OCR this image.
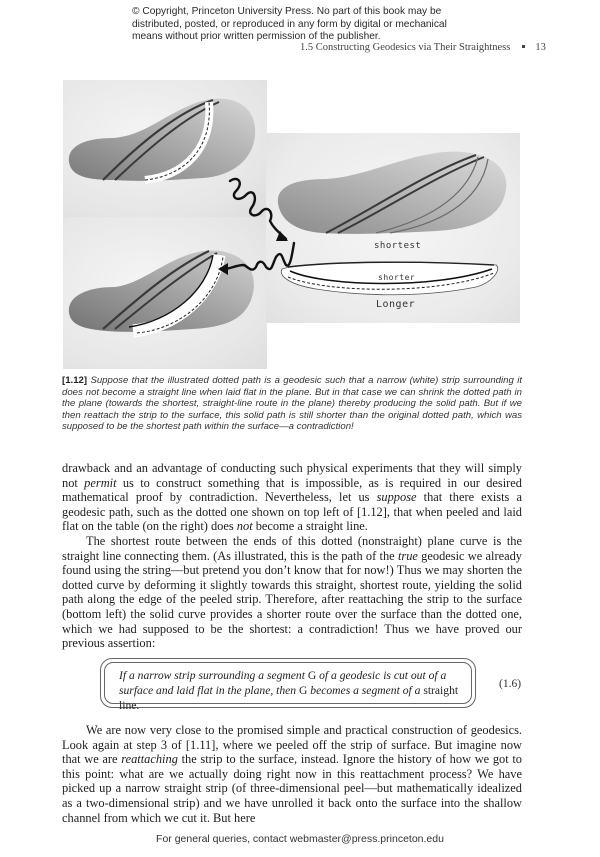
© Copyright, Princeton University Press. No part of this book may be
distributed, posted, or reproduced in any form by digital or mechanical
means without prior written permission of the publisher.
1.5 Constructing Geodesics via Their Straightness 13
shortest
shorter
Longer
[1.12] Suppose that the illustrated dotted path is a geodesic such that a narrow (white) strip surrounding it does not become a straight line when laid flat in the plane. But in that case we can shrink the dotted path in the plane (towards the shortest, straight-line route in the plane) thereby producing the solid path. But if we then reattach the strip to the surface, this solid path is still shorter than the original dotted path, which was supposed to be the shortest path within the surface—a contradiction!

drawback and an advantage of conducting such physical experiments that they will simply not permit us to construct something that is impossible, as is required in our desired mathematical proof by contradiction. Nevertheless, let us suppose that there exists a geodesic path, such as the dotted one shown on top left of [1.12], that when peeled and laid flat on the table (on the right) does not become a straight line.

The shortest route between the ends of this dotted (nonstraight) plane curve is the straight line connecting them. (As illustrated, this is the path of the true geodesic we already found using the string—but pretend you don’t know that for now!) Thus we may shorten the dotted curve by deforming it slightly towards this straight, shortest route, yielding the solid path along the edge of the peeled strip. Therefore, after reattaching the strip to the surface (bottom left) the solid curve provides a shorter route over the surface than the dotted one, which we had supposed to be the shortest: a contradiction! Thus we have proved our previous assertion:

If a narrow strip surrounding a segment G of a geodesic is cut out of a surface and laid flat in the plane, then G becomes a segment of a straight line.
(1.6)

We are now very close to the promised simple and practical construction of geodesics. Look again at step 3 of [1.11], where we peeled off the strip of surface. But imagine now that we are reattaching the strip to the surface, instead. Ignore the history of how we got to this point: what are we actually doing right now in this reattachment process? We have picked up a narrow straight strip (of three-dimensional peel—but mathematically idealized as a two-dimensional strip) and we have unrolled it back onto the surface into the shallow channel from which we cut it. But here

For general queries, contact webmaster@press.princeton.edu
